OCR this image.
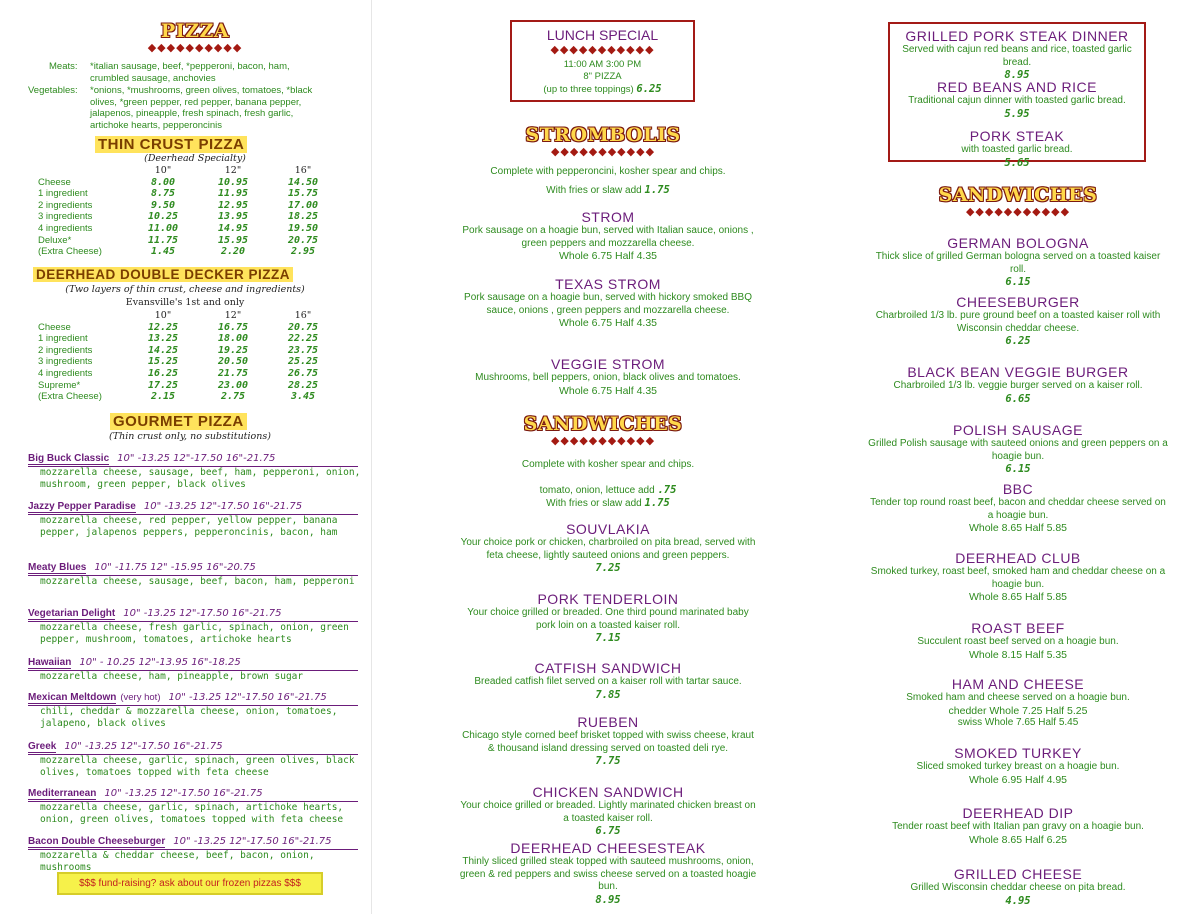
PIZZA
◆◆◆◆◆◆◆◆◆◆
Meats: *italian sausage, beef, *pepperoni, bacon, ham, crumbled sausage, anchovies
Vegetables: *onions, *mushrooms, green olives, tomatoes, *black olives, *green pepper, red pepper, banana pepper, jalapenos, pineapple, fresh spinach, fresh garlic, artichoke hearts, pepperoncinis
THIN CRUST PIZZA
(Deerhead Specialty)
	10"	12"	16"
Cheese	8.00	10.95	14.50
1 ingredient	8.75	11.95	15.75
2 ingredients	9.50	12.95	17.00
3 ingredients	10.25	13.95	18.25
4 ingredients	11.00	14.95	19.50
Deluxe*	11.75	15.95	20.75
(Extra Cheese)	1.45	2.20	2.95
DEERHEAD DOUBLE DECKER PIZZA
(Two layers of thin crust, cheese and ingredients)
Evansville's 1st and only
	10"	12"	16"
Cheese	12.25	16.75	20.75
1 ingredient	13.25	18.00	22.25
2 ingredients	14.25	19.25	23.75
3 ingredients	15.25	20.50	25.25
4 ingredients	16.25	21.75	26.75
Supreme*	17.25	23.00	28.25
(Extra Cheese)	2.15	2.75	3.45
GOURMET PIZZA
(Thin crust only, no substitutions)
Big Buck Classic 10" -13.25 12"-17.50 16"-21.75
mozzarella cheese, sausage, beef, ham, pepperoni, onion, mushroom, green pepper, black olives
Jazzy Pepper Paradise 10" -13.25 12"-17.50 16"-21.75
mozzarella cheese, red pepper, yellow pepper, banana pepper, jalapenos peppers, pepperoncinis, bacon, ham
Meaty Blues 10" -11.75 12" -15.95 16"-20.75
mozzarella cheese, sausage, beef, bacon, ham, pepperoni
Vegetarian Delight 10" -13.25 12"-17.50 16"-21.75
mozzarella cheese, fresh garlic, spinach, onion, green pepper, mushroom, tomatoes, artichoke hearts
Hawaiian 10" - 10.25 12"-13.95 16"-18.25
mozzarella cheese, ham, pineapple, brown sugar
Mexican Meltdown (very hot) 10" -13.25 12"-17.50 16"-21.75
chili, cheddar & mozzarella cheese, onion, tomatoes, jalapeno, black olives
Greek 10" -13.25 12"-17.50 16"-21.75
mozzarella cheese, garlic, spinach, green olives, black olives, tomatoes topped with feta cheese
Mediterranean 10" -13.25 12"-17.50 16"-21.75
mozzarella cheese, garlic, spinach, artichoke hearts, onion, green olives, tomatoes topped with feta cheese
Bacon Double Cheeseburger 10" -13.25 12"-17.50 16"-21.75
mozzarella & cheddar cheese, beef, bacon, onion, mushrooms
$$$ fund-raising? ask about our frozen pizzas $$$
LUNCH SPECIAL
◆◆◆◆◆◆◆◆◆◆◆
11:00 AM 3:00 PM
8" PIZZA
(up to three toppings) 6.25
STROMBOLIS
◆◆◆◆◆◆◆◆◆◆◆
Complete with pepperoncini, kosher spear and chips.
With fries or slaw add 1.75
STROM
Pork sausage on a hoagie bun, served with Italian sauce, onions , green peppers and mozzarella cheese.
Whole 6.75 Half 4.35
TEXAS STROM
Pork sausage on a hoagie bun, served with hickory smoked BBQ sauce, onions , green peppers and mozzarella cheese.
Whole 6.75 Half 4.35
VEGGIE STROM
Mushrooms, bell peppers, onion, black olives and tomatoes.
Whole 6.75 Half 4.35
SANDWICHES
◆◆◆◆◆◆◆◆◆◆◆
Complete with kosher spear and chips.
tomato, onion, lettuce add .75
With fries or slaw add 1.75
SOUVLAKIA
Your choice pork or chicken, charbroiled on pita bread, served with feta cheese, lightly sauteed onions and green peppers.
7.25
PORK TENDERLOIN
Your choice grilled or breaded. One third pound marinated baby pork loin on a toasted kaiser roll.
7.15
CATFISH SANDWICH
Breaded catfish filet served on a kaiser roll with tartar sauce.
7.85
RUEBEN
Chicago style corned beef brisket topped with swiss cheese, kraut & thousand island dressing served on toasted deli rye.
7.75
CHICKEN SANDWICH
Your choice grilled or breaded. Lightly marinated chicken breast on a toasted kaiser roll.
6.75
DEERHEAD CHEESESTEAK
Thinly sliced grilled steak topped with sauteed mushrooms, onion, green & red peppers and swiss cheese served on a toasted hoagie bun.
8.95
GRILLED PORK STEAK DINNER
Served with cajun red beans and rice, toasted garlic bread.
8.95
RED BEANS AND RICE
Traditional cajun dinner with toasted garlic bread.
5.95
PORK STEAK
with toasted garlic bread.
5.65
SANDWICHES
◆◆◆◆◆◆◆◆◆◆◆
GERMAN BOLOGNA
Thick slice of grilled German bologna served on a toasted kaiser roll.
6.15
CHEESEBURGER
Charbroiled 1/3 lb. pure ground beef on a toasted kaiser roll with Wisconsin cheddar cheese.
6.25
BLACK BEAN VEGGIE BURGER
Charbroiled 1/3 lb. veggie burger served on a kaiser roll.
6.65
POLISH SAUSAGE
Grilled Polish sausage with sauteed onions and green peppers on a hoagie bun.
6.15
BBC
Tender top round roast beef, bacon and cheddar cheese served on a hoagie bun.
Whole 8.65 Half 5.85
DEERHEAD CLUB
Smoked turkey, roast beef, smoked ham and cheddar cheese on a hoagie bun.
Whole 8.65 Half 5.85
ROAST BEEF
Succulent roast beef served on a hoagie bun.
Whole 8.15 Half 5.35
HAM AND CHEESE
Smoked ham and cheese served on a hoagie bun.
chedder Whole 7.25 Half 5.25
swiss Whole 7.65 Half 5.45
SMOKED TURKEY
Sliced smoked turkey breast on a hoagie bun.
Whole 6.95 Half 4.95
DEERHEAD DIP
Tender roast beef with Italian pan gravy on a hoagie bun.
Whole 8.65 Half 6.25
GRILLED CHEESE
Grilled Wisconsin cheddar cheese on pita bread.
4.95
